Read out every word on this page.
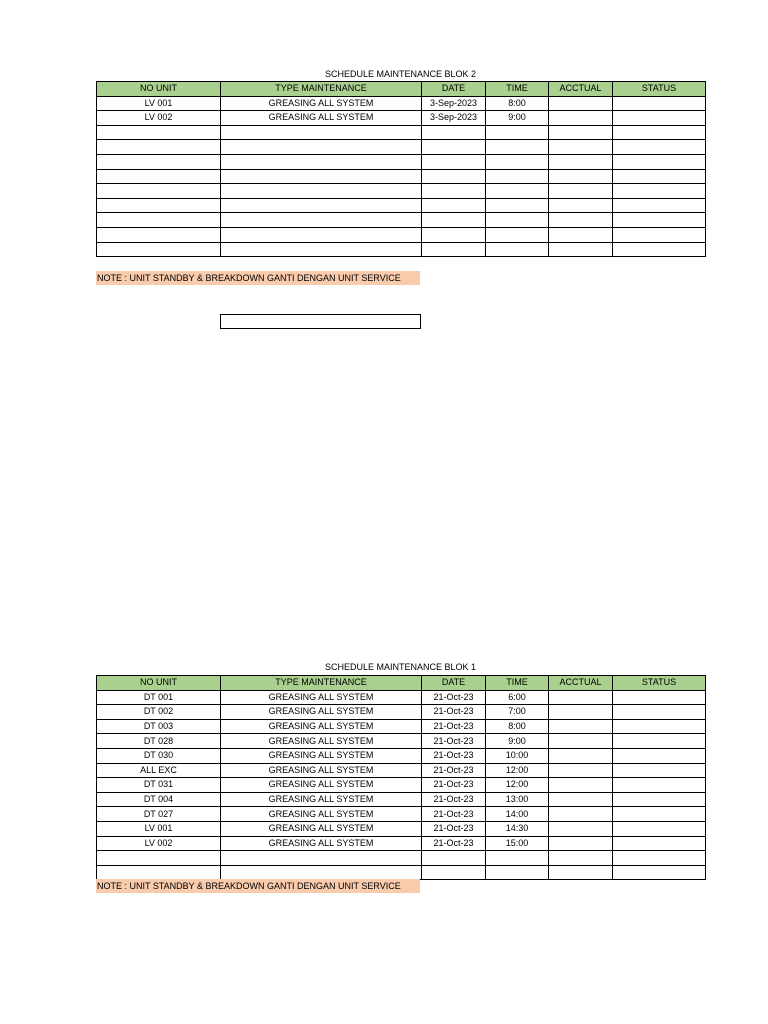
SCHEDULE MAINTENANCE BLOK 2
NO UNIT	TYPE MAINTENANCE	DATE	TIME	ACCTUAL	STATUS
LV 001	GREASING ALL SYSTEM	3-Sep-2023	8:00		
LV 002	GREASING ALL SYSTEM	3-Sep-2023	9:00		

NOTE : UNIT STANDBY & BREAKDOWN GANTI DENGAN UNIT SERVICE
SCHEDULE MAINTENANCE BLOK 1
NO UNIT	TYPE MAINTENANCE	DATE	TIME	ACCTUAL	STATUS
DT 001	GREASING ALL SYSTEM	21-Oct-23	6:00		
DT 002	GREASING ALL SYSTEM	21-Oct-23	7:00		
DT 003	GREASING ALL SYSTEM	21-Oct-23	8:00		
DT 028	GREASING ALL SYSTEM	21-Oct-23	9:00		
DT 030	GREASING ALL SYSTEM	21-Oct-23	10:00		
ALL EXC	GREASING ALL SYSTEM	21-Oct-23	12:00		
DT 031	GREASING ALL SYSTEM	21-Oct-23	12:00		
DT 004	GREASING ALL SYSTEM	21-Oct-23	13:00		
DT 027	GREASING ALL SYSTEM	21-Oct-23	14:00		
LV 001	GREASING ALL SYSTEM	21-Oct-23	14:30		
LV 002	GREASING ALL SYSTEM	21-Oct-23	15:00		

NOTE : UNIT STANDBY & BREAKDOWN GANTI DENGAN UNIT SERVICE
